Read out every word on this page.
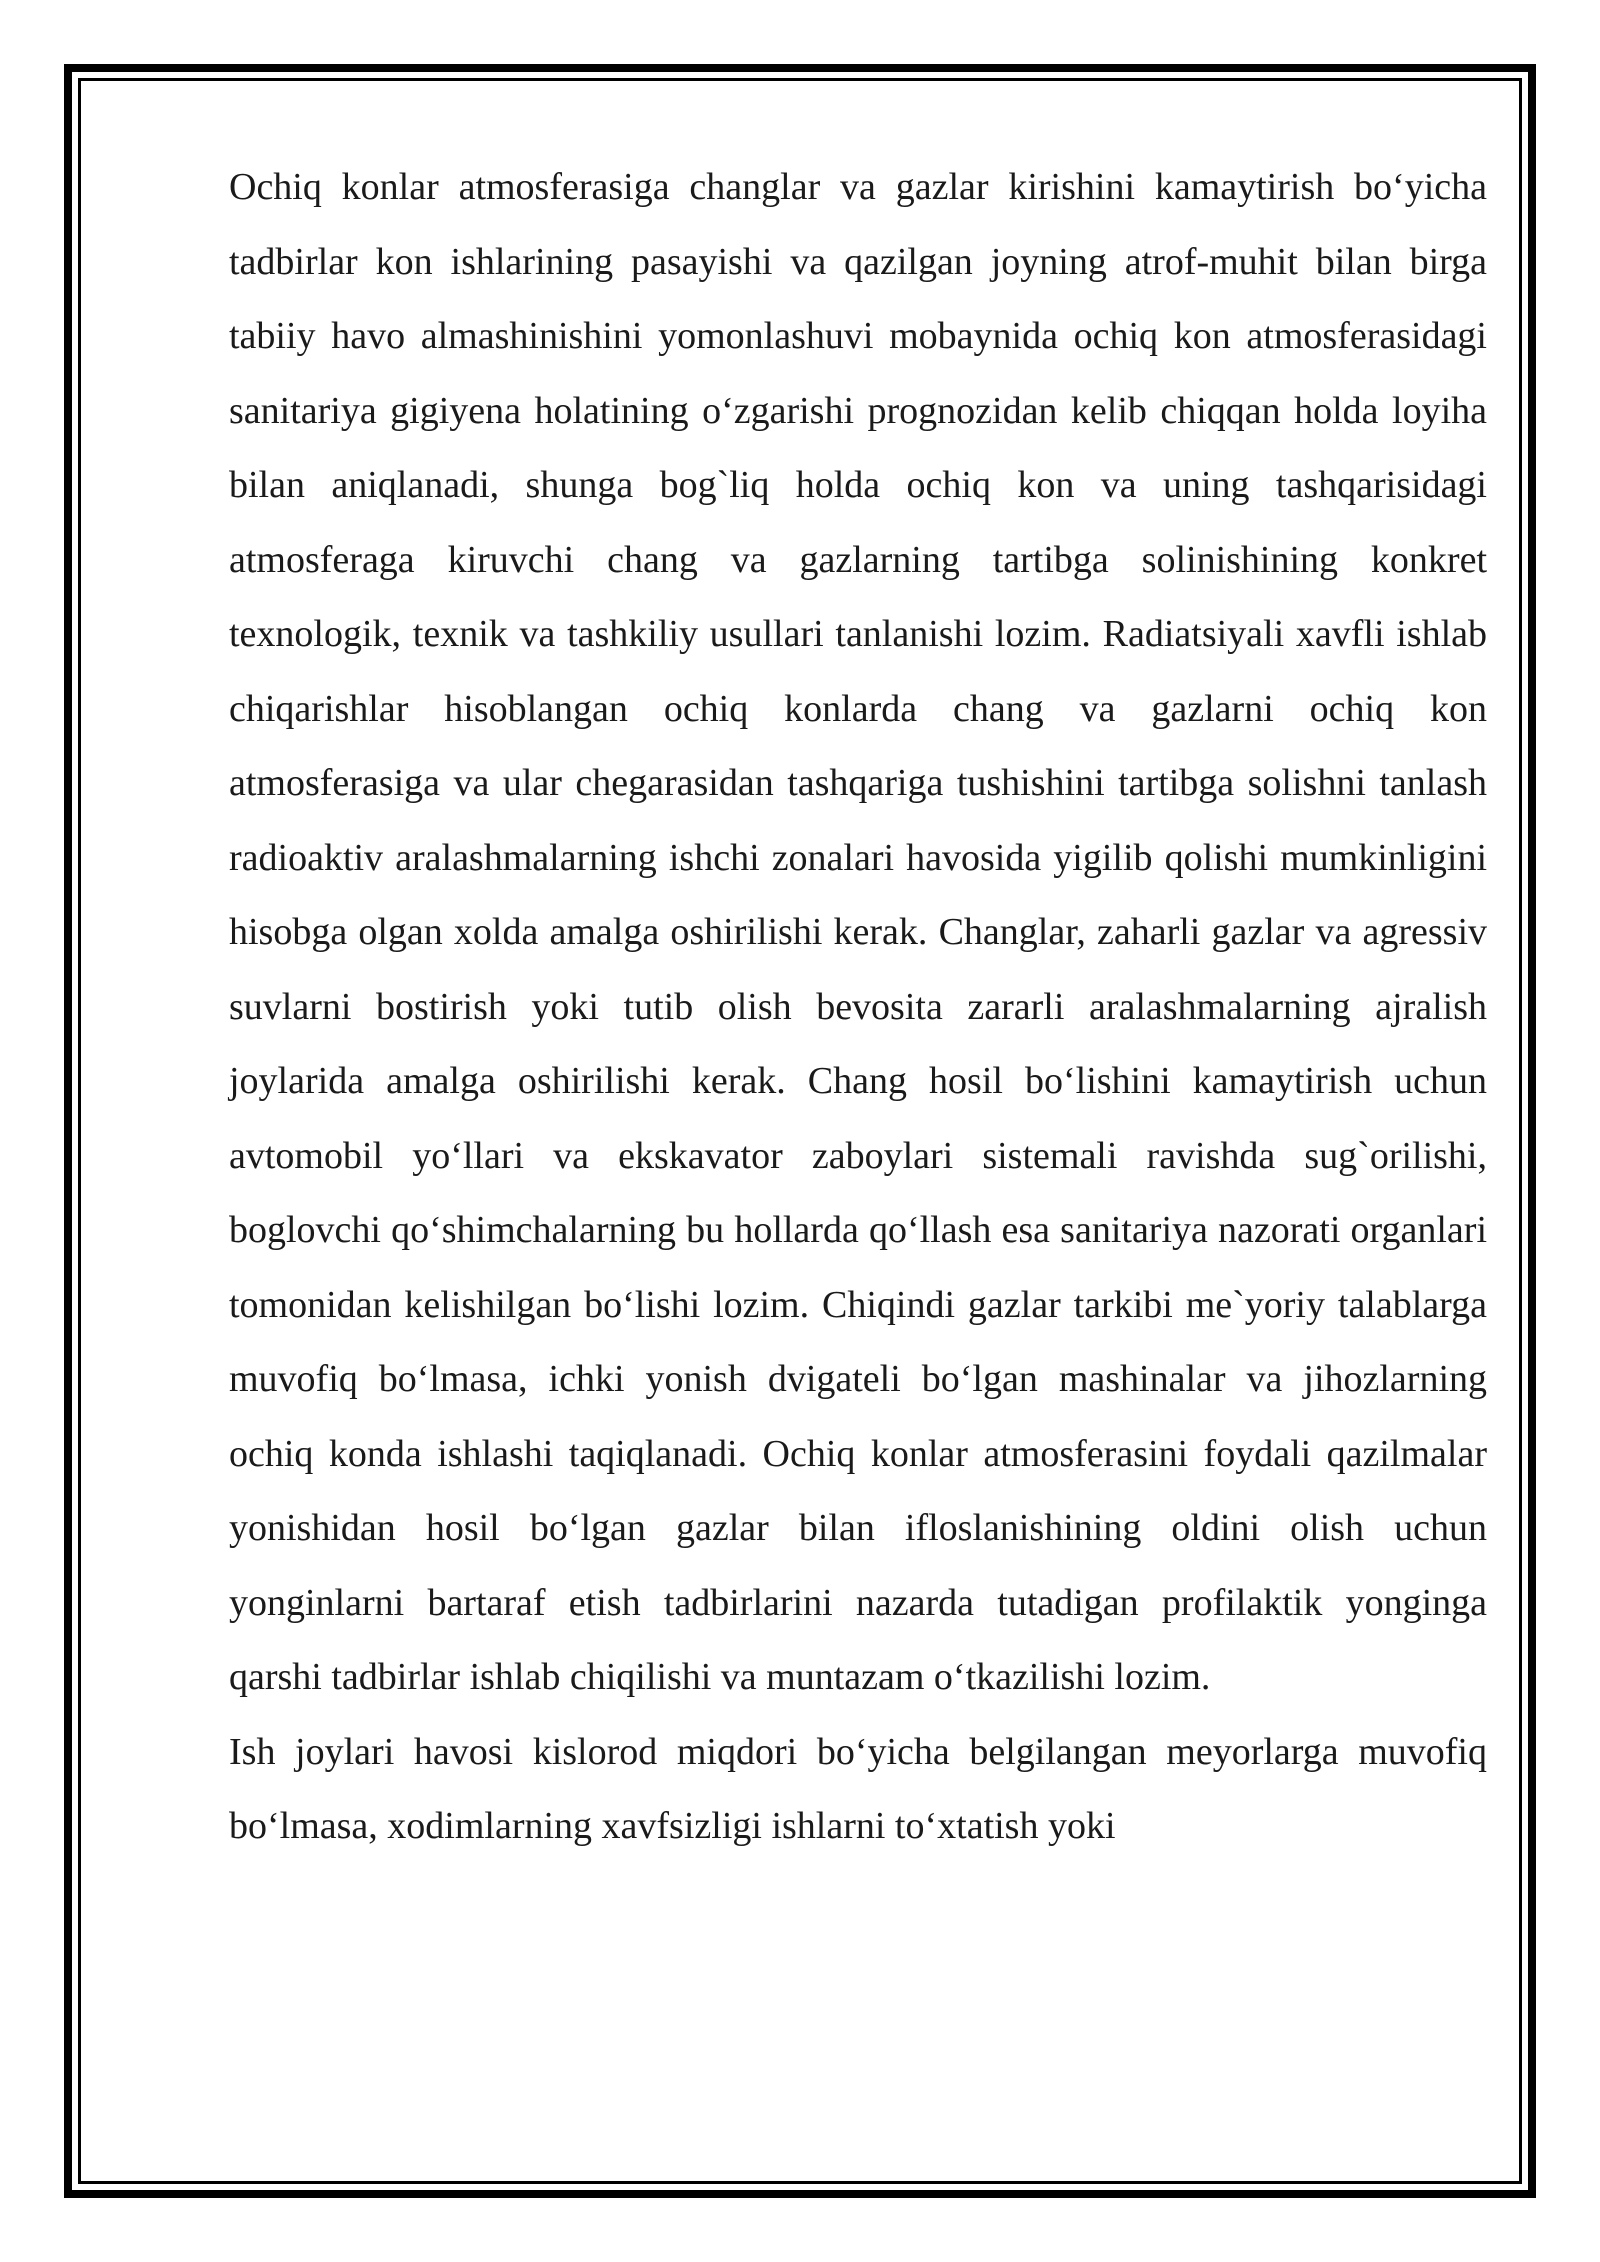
Ochiq konlar atmosferasiga changlar va gazlar kirishini kamaytirish bo‘yicha tadbirlar kon ishlarining pasayishi va qazilgan joyning atrof-muhit bilan birga tabiiy havo almashinishini yomonlashuvi mobaynida ochiq kon atmosferasidagi sanitariya gigiyena holatining o‘zgarishi prognozidan kelib chiqqan holda loyiha bilan aniqlanadi, shunga bog`liq holda ochiq kon va uning tashqarisidagi atmosferaga kiruvchi chang va gazlarning tartibga solinishining konkret texnologik, texnik va tashkiliy usullari tanlanishi lozim. Radiatsiyali xavfli ishlab chiqarishlar hisoblangan ochiq konlarda chang va gazlarni ochiq kon atmosferasiga va ular chegarasidan tashqariga tushishini tartibga solishni tanlash radioaktiv aralashmalarning ishchi zonalari havosida yigilib qolishi mumkinligini hisobga olgan xolda amalga oshirilishi kerak. Changlar, zaharli gazlar va agressiv suvlarni bostirish yoki tutib olish bevosita zararli aralashmalarning ajralish joylarida amalga oshirilishi kerak. Chang hosil bo‘lishini kamaytirish uchun avtomobil yo‘llari va ekskavator zaboylari sistemali ravishda sug`orilishi, boglovchi qo‘shimchalarning bu hollarda qo‘llash esa sanitariya nazorati organlari tomonidan kelishilgan bo‘lishi lozim. Chiqindi gazlar tarkibi me`yoriy talablarga muvofiq bo‘lmasa, ichki yonish dvigateli bo‘lgan mashinalar va jihozlarning ochiq konda ishlashi taqiqlanadi. Ochiq konlar atmosferasini foydali qazilmalar yonishidan hosil bo‘lgan gazlar bilan ifloslanishining oldini olish uchun yonginlarni bartaraf etish tadbirlarini nazarda tutadigan profilaktik yonginga qarshi tadbirlar ishlab chiqilishi va muntazam o‘tkazilishi lozim.

Ish joylari havosi kislorod miqdori bo‘yicha belgilangan meyorlarga muvofiq bo‘lmasa, xodimlarning xavfsizligi ishlarni to‘xtatish yoki
